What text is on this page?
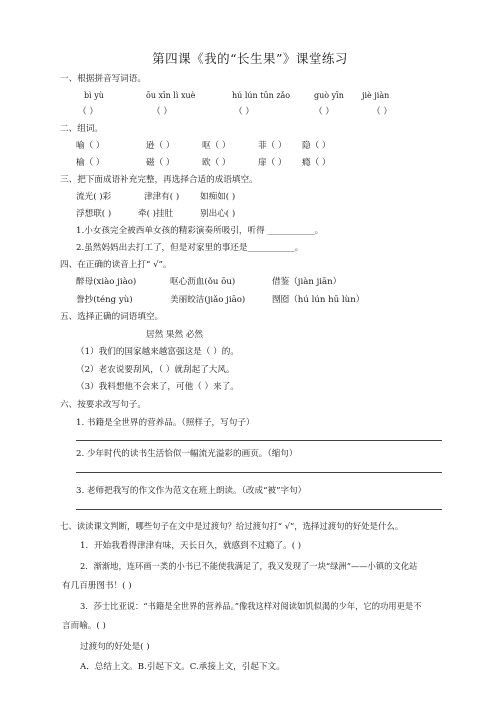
第四课《我的“长生果”》课堂练习
一、根据拼音写词语。
bì yù	ōu xīn lì xuè	hú lún tūn zǎo	guò yīn jiè jiàn
（ ）	（ ）	（ ）	（ ）	（ ）
二、组词。
喻（ ）	逊（ ）	呕（ ）	菲（ ） 隐（ ）
榆（ ）	磁（ ）	欧（ ）	扉（ ） 瘾（ ）
三、把下面成语补充完整，再选择合适的成语填空。
流光( )彩	津津有( ) 如痴如( )
浮想联( )	牵( )挂肚	别出心( )
1.小女孩完全被西单女孩的精彩演奏所吸引，听得 ___________。
2.虽然妈妈出去打工了，但是对家里的事还是___________。
四、在正确的读音上打“ √”。
醉母(xiào jiào)	呕心沥血(ǒu ōu)	借鉴（jiàn jiān）
誊抄(téng yù)	美丽皎洁(jiǎo jiāo)	囫囵（hú lún hū lùn）
五、选择正确的词语填空。
居然 果然 必然
（1）我们的国家越来越富强这是（ ）的。
（2）老农说要刮风，（ ）就刮起了大风。
（3）我料想他不会来了，可他（ ）来了。
六、按要求改写句子。
1. 书籍是全世界的营养品。（照样子，写句子）
2. 少年时代的读书生活恰似一幅流光溢彩的画页。（缩句）
3. 老师把我写的作文作为范文在班上朗读。（改成“被”字句）
七、读读课文判断，哪些句子在文中是过渡句？给过渡句打“ √”，选择过渡句的好处是什么。
1．开始我看得津津有味，天长日久，就感到不过瘾了。( )
2．渐渐地，连环画一类的小书已不能使我满足了，我又发现了一块“绿洲”——小镇的文化站
有几百册图书！( )
3．莎士比亚说：“书籍是全世界的营养品。”像我这样对阅读如饥似渴的少年，它的功用更是不
言而喻。( )
过渡句的好处是( )
A．总结上文。B.引起下文。C.承接上文，引起下文。
